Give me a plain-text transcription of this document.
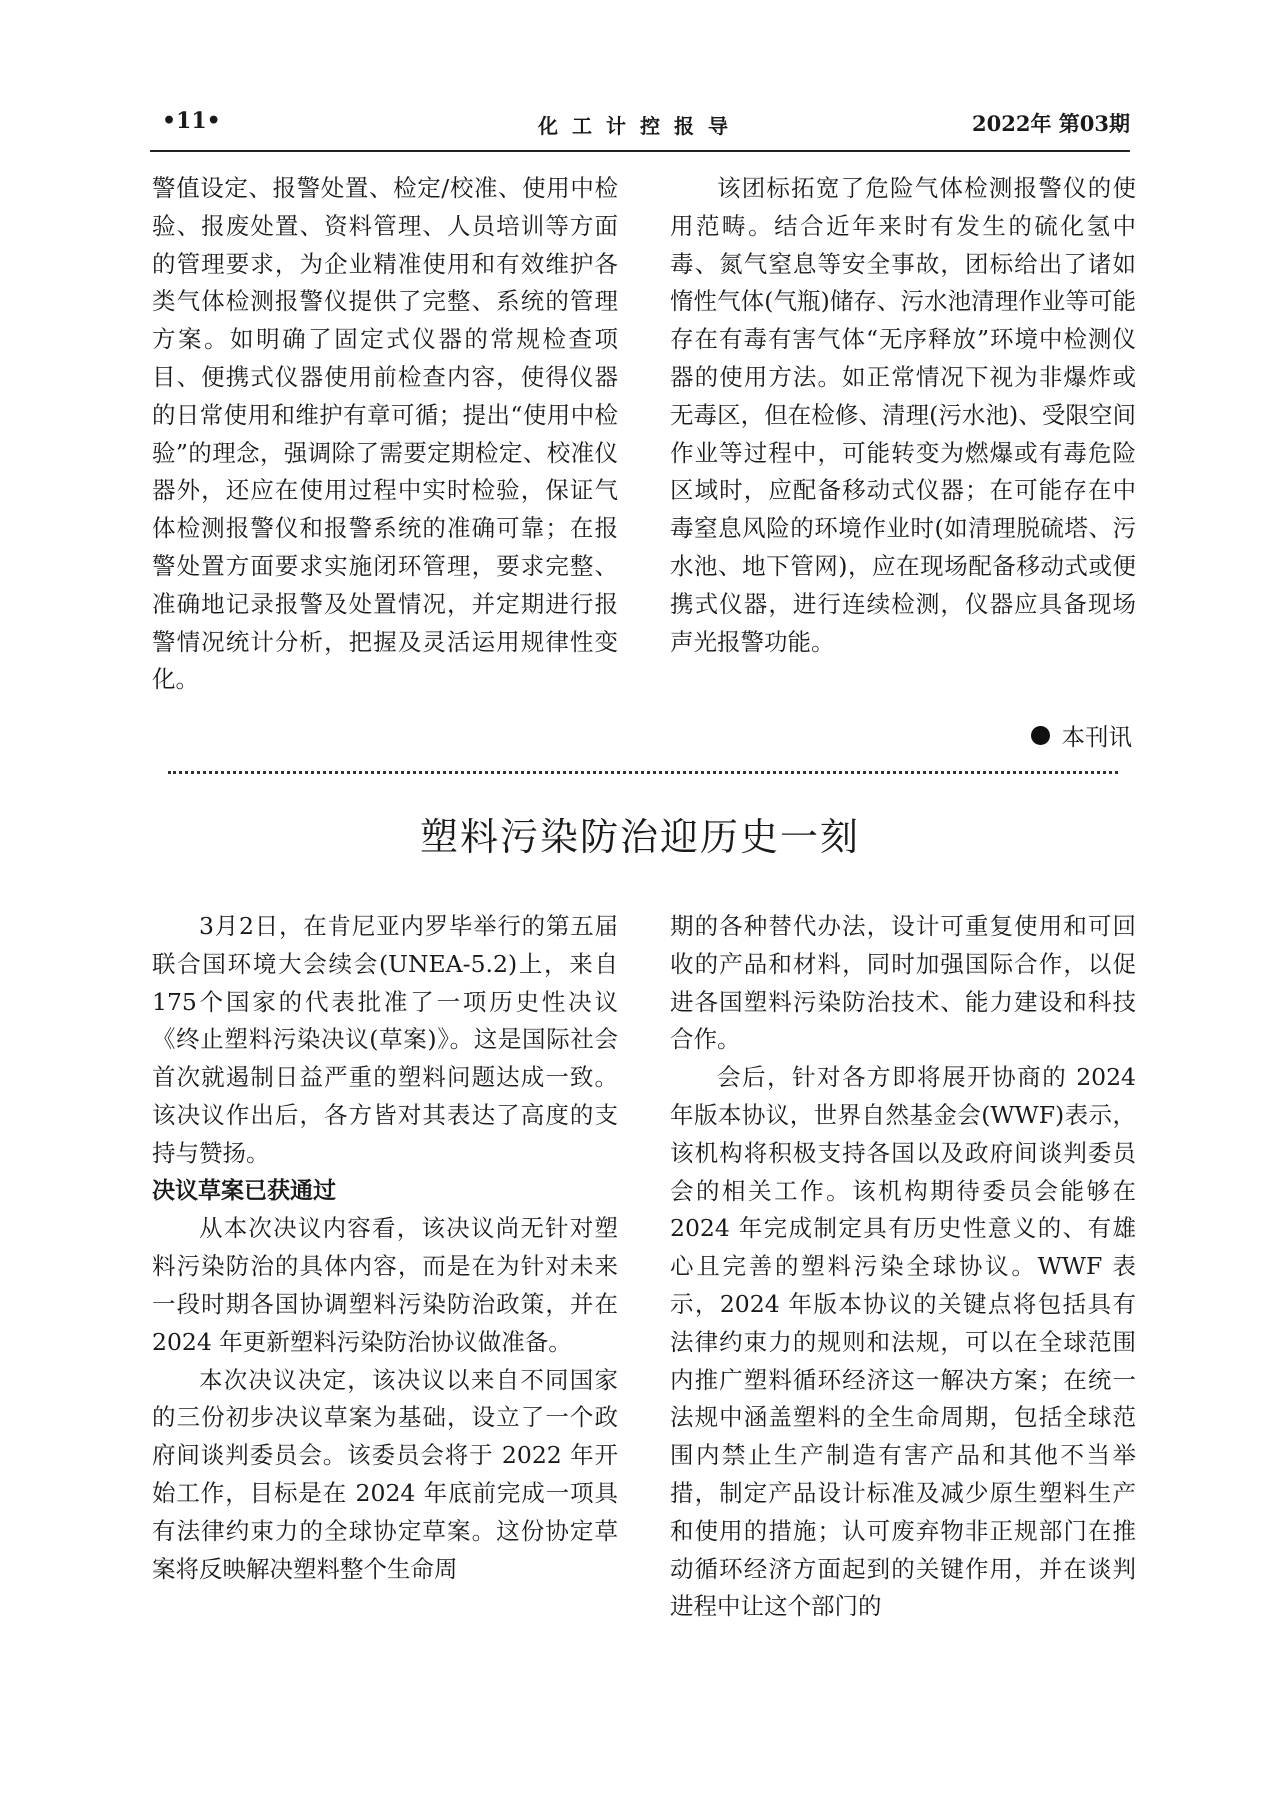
•11•	化工计控报导	2022年 第03期

警值设定、报警处置、检定/校准、使用中检验、报废处置、资料管理、人员培训等方面的管理要求，为企业精准使用和有效维护各类气体检测报警仪提供了完整、系统的管理方案。如明确了固定式仪器的常规检查项目、便携式仪器使用前检查内容，使得仪器的日常使用和维护有章可循；提出“使用中检验”的理念，强调除了需要定期检定、校准仪器外，还应在使用过程中实时检验，保证气体检测报警仪和报警系统的准确可靠；在报警处置方面要求实施闭环管理，要求完整、准确地记录报警及处置情况，并定期进行报警情况统计分析，把握及灵活运用规律性变化。

该团标拓宽了危险气体检测报警仪的使用范畴。结合近年来时有发生的硫化氢中毒、氮气窒息等安全事故，团标给出了诸如惰性气体(气瓶)储存、污水池清理作业等可能存在有毒有害气体“无序释放”环境中检测仪器的使用方法。如正常情况下视为非爆炸或无毒区，但在检修、清理(污水池)、受限空间作业等过程中，可能转变为燃爆或有毒危险区域时，应配备移动式仪器；在可能存在中毒窒息风险的环境作业时(如清理脱硫塔、污水池、地下管网)，应在现场配备移动式或便携式仪器，进行连续检测，仪器应具备现场声光报警功能。

本刊讯
塑料污染防治迎历史一刻

3月2日，在肯尼亚内罗毕举行的第五届联合国环境大会续会(UNEA-5.2)上，来自175个国家的代表批准了一项历史性决议《终止塑料污染决议(草案)》。这是国际社会首次就遏制日益严重的塑料问题达成一致。该决议作出后，各方皆对其表达了高度的支持与赞扬。

决议草案已获通过

从本次决议内容看，该决议尚无针对塑料污染防治的具体内容，而是在为针对未来一段时期各国协调塑料污染防治政策，并在 2024 年更新塑料污染防治协议做准备。

本次决议决定，该决议以来自不同国家的三份初步决议草案为基础，设立了一个政府间谈判委员会。该委员会将于 2022 年开始工作，目标是在 2024 年底前完成一项具有法律约束力的全球协定草案。这份协定草案将反映解决塑料整个生命周

期的各种替代办法，设计可重复使用和可回收的产品和材料，同时加强国际合作，以促进各国塑料污染防治技术、能力建设和科技合作。

会后，针对各方即将展开协商的 2024 年版本协议，世界自然基金会(WWF)表示，该机构将积极支持各国以及政府间谈判委员会的相关工作。该机构期待委员会能够在 2024 年完成制定具有历史性意义的、有雄心且完善的塑料污染全球协议。WWF 表示，2024 年版本协议的关键点将包括具有法律约束力的规则和法规，可以在全球范围内推广塑料循环经济这一解决方案；在统一法规中涵盖塑料的全生命周期，包括全球范围内禁止生产制造有害产品和其他不当举措，制定产品设计标准及减少原生塑料生产和使用的措施；认可废弃物非正规部门在推动循环经济方面起到的关键作用，并在谈判进程中让这个部门的
